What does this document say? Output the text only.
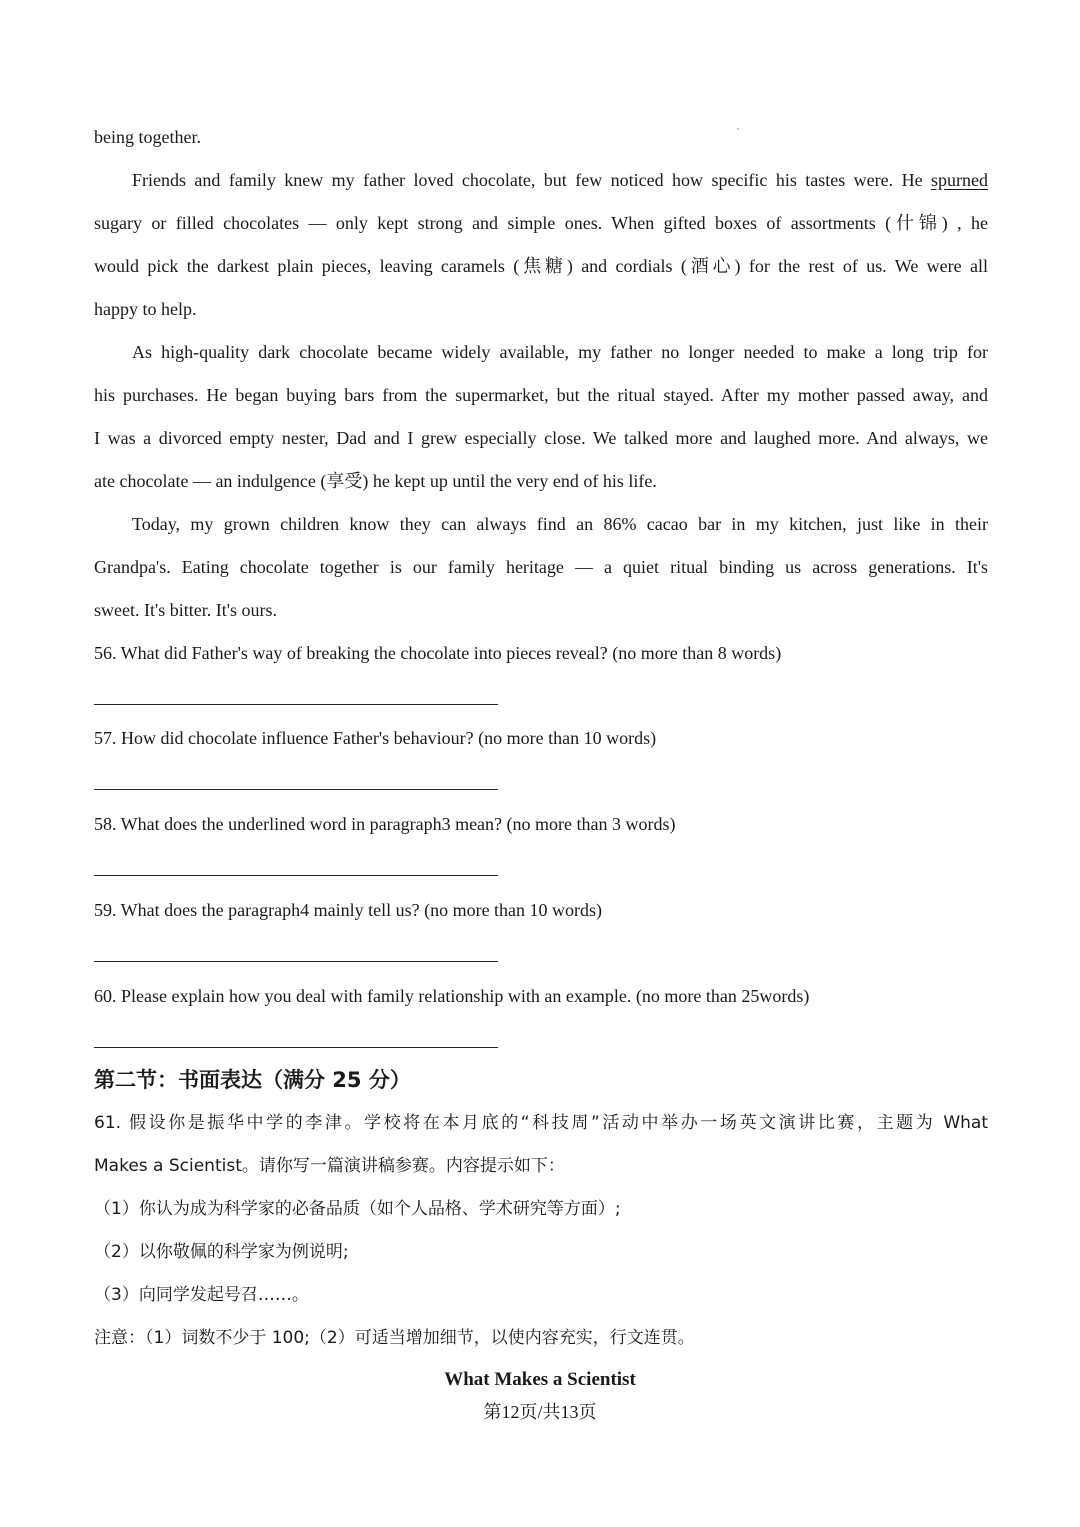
being together.
Friends and family knew my father loved chocolate, but few noticed how specific his tastes were. He spurned
sugary or filled chocolates — only kept strong and simple ones. When gifted boxes of assortments (什锦) , he
would pick the darkest plain pieces, leaving caramels (焦糖) and cordials (酒心) for the rest of us. We were all
happy to help.
As high-quality dark chocolate became widely available, my father no longer needed to make a long trip for
his purchases. He began buying bars from the supermarket, but the ritual stayed. After my mother passed away, and
I was a divorced empty nester, Dad and I grew especially close. We talked more and laughed more. And always, we
ate chocolate — an indulgence (享受) he kept up until the very end of his life.
Today, my grown children know they can always find an 86% cacao bar in my kitchen, just like in their
Grandpa's. Eating chocolate together is our family heritage — a quiet ritual binding us across generations. It's
sweet. It's bitter. It's ours.
56. What did Father's way of breaking the chocolate into pieces reveal? (no more than 8 words)
57. How did chocolate influence Father's behaviour? (no more than 10 words)
58. What does the underlined word in paragraph3 mean? (no more than 3 words)
59. What does the paragraph4 mainly tell us? (no more than 10 words)
60. Please explain how you deal with family relationship with an example. (no more than 25words)
第二节：书面表达（满分 25 分）
61. 假设你是振华中学的李津。学校将在本月底的“科技周”活动中举办一场英文演讲比赛，主题为 What
Makes a Scientist。请你写一篇演讲稿参赛。内容提示如下：
（1）你认为成为科学家的必备品质（如个人品格、学术研究等方面）;
（2）以你敬佩的科学家为例说明;
（3）向同学发起号召……。
注意：（1）词数不少于 100;（2）可适当增加细节，以使内容充实，行文连贯。
What Makes a Scientist
第12页/共13页
